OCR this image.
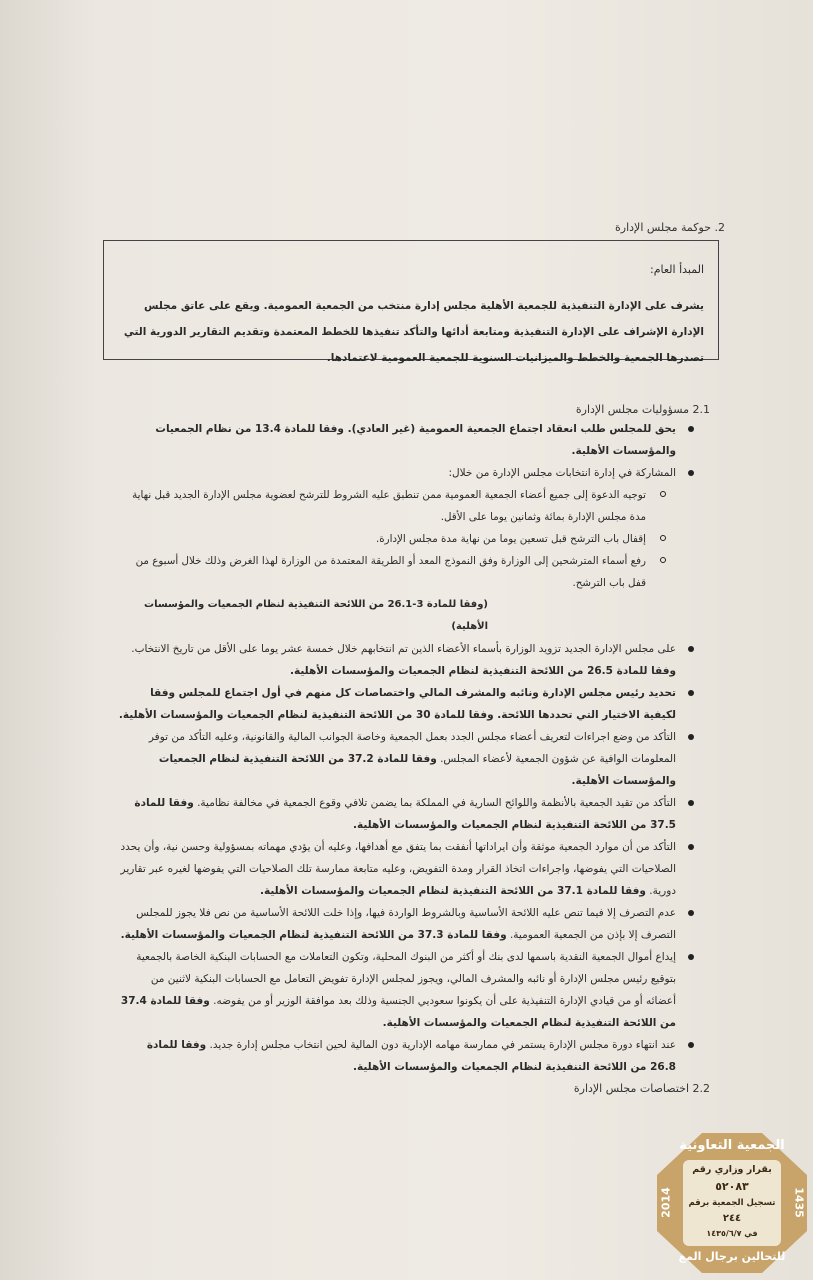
2. حوكمة مجلس الإدارة
المبدأ العام:
يشرف على الإدارة التنفيذية للجمعية الأهلية مجلس إدارة منتخب من الجمعية العمومية. ويقع على عاتق مجلس الإدارة الإشراف على الإدارة التنفيذية ومتابعة أدائها والتأكد تنفيذها للخطط المعتمدة وتقديم التقارير الدورية التي تصدرها الجمعية والخطط والميزانيات السنوية للجمعية العمومية لاعتمادها.
2.1 مسؤوليات مجلس الإدارة
يحق للمجلس طلب انعقاد اجتماع الجمعية العمومية (غير العادي). وفقا للمادة 13.4 من نظام الجمعيات والمؤسسات الأهلية.
المشاركة في إدارة انتخابات مجلس الإدارة من خلال:
توجيه الدعوة إلى جميع أعضاء الجمعية العمومية ممن تنطبق عليه الشروط للترشح لعضوية مجلس الإدارة الجديد قبل نهاية مدة مجلس الإدارة بمائة وثمانين يوما على الأقل.
إقفال باب الترشح قبل تسعين يوما من نهاية مدة مجلس الإدارة.
رفع أسماء المترشحين إلى الوزارة وفق النموذج المعد أو الطريقة المعتمدة من الوزارة لهذا الغرض وذلك خلال أسبوع من قفل باب الترشح.
(وفقا للمادة 3-26.1 من اللائحة التنفيذية لنظام الجمعيات والمؤسسات الأهلية)
على مجلس الإدارة الجديد تزويد الوزارة بأسماء الأعضاء الذين تم انتخابهم خلال خمسة عشر يوما على الأقل من تاريخ الانتخاب. وفقا للمادة 26.5 من اللائحة التنفيذية لنظام الجمعيات والمؤسسات الأهلية.
تحديد رئيس مجلس الإدارة ونائبه والمشرف المالي واختصاصات كل منهم في أول اجتماع للمجلس وفقا لكيفية الاختيار التي تحددها اللائحة. وفقا للمادة 30 من اللائحة التنفيذية لنظام الجمعيات والمؤسسات الأهلية.
التأكد من وضع اجراءات لتعريف أعضاء مجلس الجدد بعمل الجمعية وخاصة الجوانب المالية والقانونية، وعليه التأكد من توفر المعلومات الوافية عن شؤون الجمعية لأعضاء المجلس. وفقا للمادة 37.2 من اللائحة التنفيذية لنظام الجمعيات والمؤسسات الأهلية.
التأكد من تقيد الجمعية بالأنظمة واللوائح السارية في المملكة بما يضمن تلافي وقوع الجمعية في مخالفة نظامية. وفقا للمادة 37.5 من اللائحة التنفيذية لنظام الجمعيات والمؤسسات الأهلية.
التأكد من أن موارد الجمعية موثقة وأن ايراداتها أنفقت بما يتفق مع أهدافها، وعليه أن يؤدي مهماته بمسؤولية وحسن نية، وأن يحدد الصلاحيات التي يفوضها، واجراءات اتخاذ القرار ومدة التفويض، وعليه متابعة ممارسة تلك الصلاحيات التي يفوضها لغيره عبر تقارير دورية. وفقا للمادة 37.1 من اللائحة التنفيذية لنظام الجمعيات والمؤسسات الأهلية.
عدم التصرف إلا فيما تنص عليه اللائحة الأساسية وبالشروط الواردة فيها، وإذا خلت اللائحة الأساسية من نص فلا يجوز للمجلس التصرف إلا بإذن من الجمعية العمومية. وفقا للمادة 37.3 من اللائحة التنفيذية لنظام الجمعيات والمؤسسات الأهلية.
إيداع أموال الجمعية النقدية باسمها لدى بنك أو أكثر من البنوك المحلية، وتكون التعاملات مع الحسابات البنكية الخاصة بالجمعية بتوقيع رئيس مجلس الإدارة أو نائبه والمشرف المالي، ويجوز لمجلس الإدارة تفويض التعامل مع الحسابات البنكية لاثنين من أعضائه أو من قيادي الإدارة التنفيذية على أن يكونوا سعوديي الجنسية وذلك بعد موافقة الوزير أو من يفوضه. وفقا للمادة 37.4 من اللائحة التنفيذية لنظام الجمعيات والمؤسسات الأهلية.
عند انتهاء دورة مجلس الإدارة يستمر في ممارسة مهامه الإدارية دون المالية لحين انتخاب مجلس إدارة جديد. وفقا للمادة 26.8 من اللائحة التنفيذية لنظام الجمعيات والمؤسسات الأهلية.
2.2 اختصاصات مجلس الإدارة
الجمعية التعاونية
بقرار وزاري رقم
٥٢٠٨٣
تسجيل الجمعية برقم
٢٤٤
في ١٤٣٥/٦/٧
للتحالين برجال المع
2014	1435
